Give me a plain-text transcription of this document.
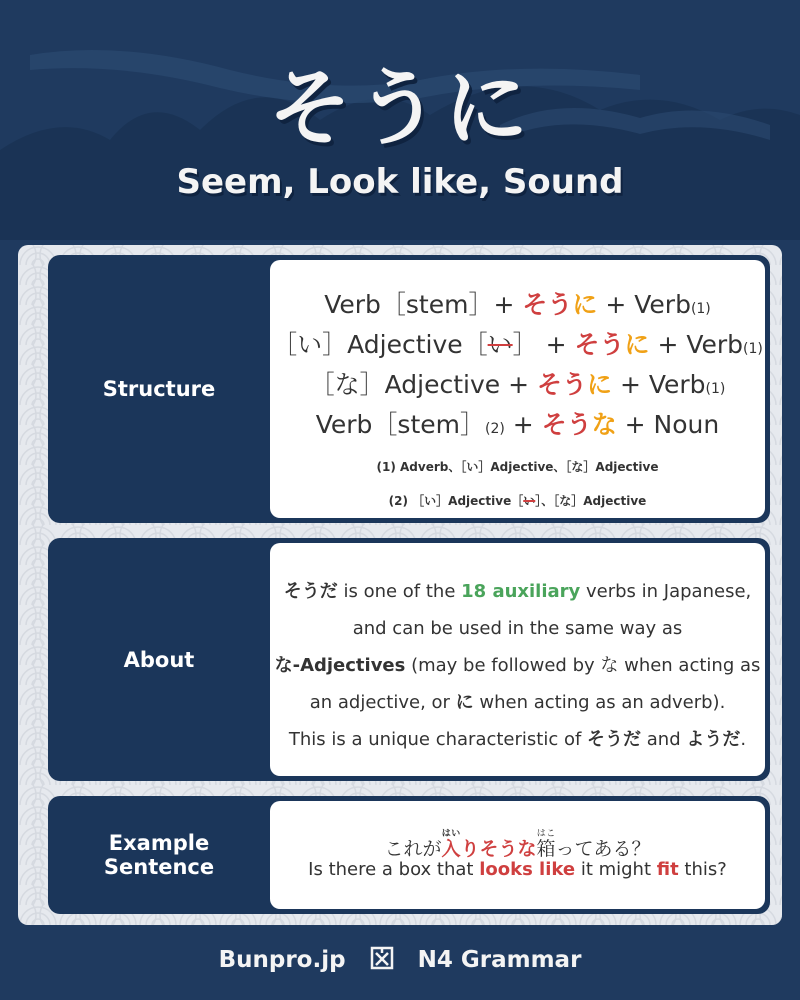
そうに
Seem, Look like, Sound
Structure
Verb［stem］+ そうに + Verb(1)
［い］Adjective［い］ + そうに + Verb(1)
［な］Adjective + そうに + Verb(1)
Verb［stem］(2) + そうな + Noun
(1) Adverb、［い］Adjective、［な］Adjective
(2) ［い］Adjective［い］、［な］Adjective
About
そうだ is one of the 18 auxiliary verbs in Japanese,
and can be used in the same way as
な-Adjectives (may be followed by な when acting as
an adjective, or に when acting as an adverb).
This is a unique characteristic of そうだ and ようだ.
Example
Sentence
これが入はいりそうな箱はこってある？
Is there a box that looks like it might fit this?
Bunpro.jp	N4 Grammar
